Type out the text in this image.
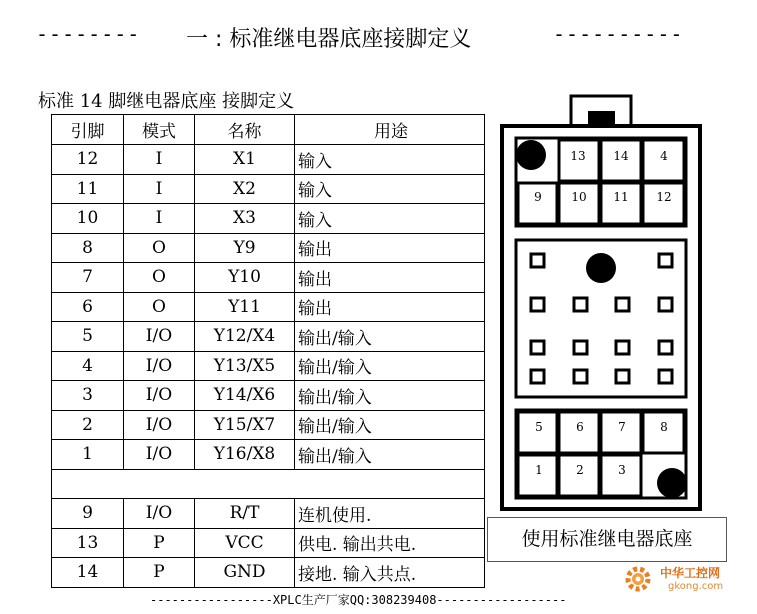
-------- 一 : 标准继电器底座接脚定义	----------
标准 14 脚继电器底座 接脚定义
引脚	模式	名称	用途
12	I	X1	输入
11	I	X2	输入
10	I	X3	输入
8	O	Y9	输出
7	O	Y10	输出
6	O	Y11	输出
5	I/O	Y12/X4	输出/输入
4	I/O	Y13/X5	输出/输入
3	I/O	Y14/X6	输出/输入
2	I/O	Y15/X7	输出/输入
1	I/O	Y16/X8	输出/输入

9	I/O	R/T	连机使用.
13	P	VCC	供电. 输出共电.
14	P	GND	接地. 输入共点.
13 14	4
9 10 11 12
5	6	7	8
1	2	3
使用标准继电器底座
-----------------XPLC生产厂家QQ:308239408------------------
中华工控网
gkong.com
